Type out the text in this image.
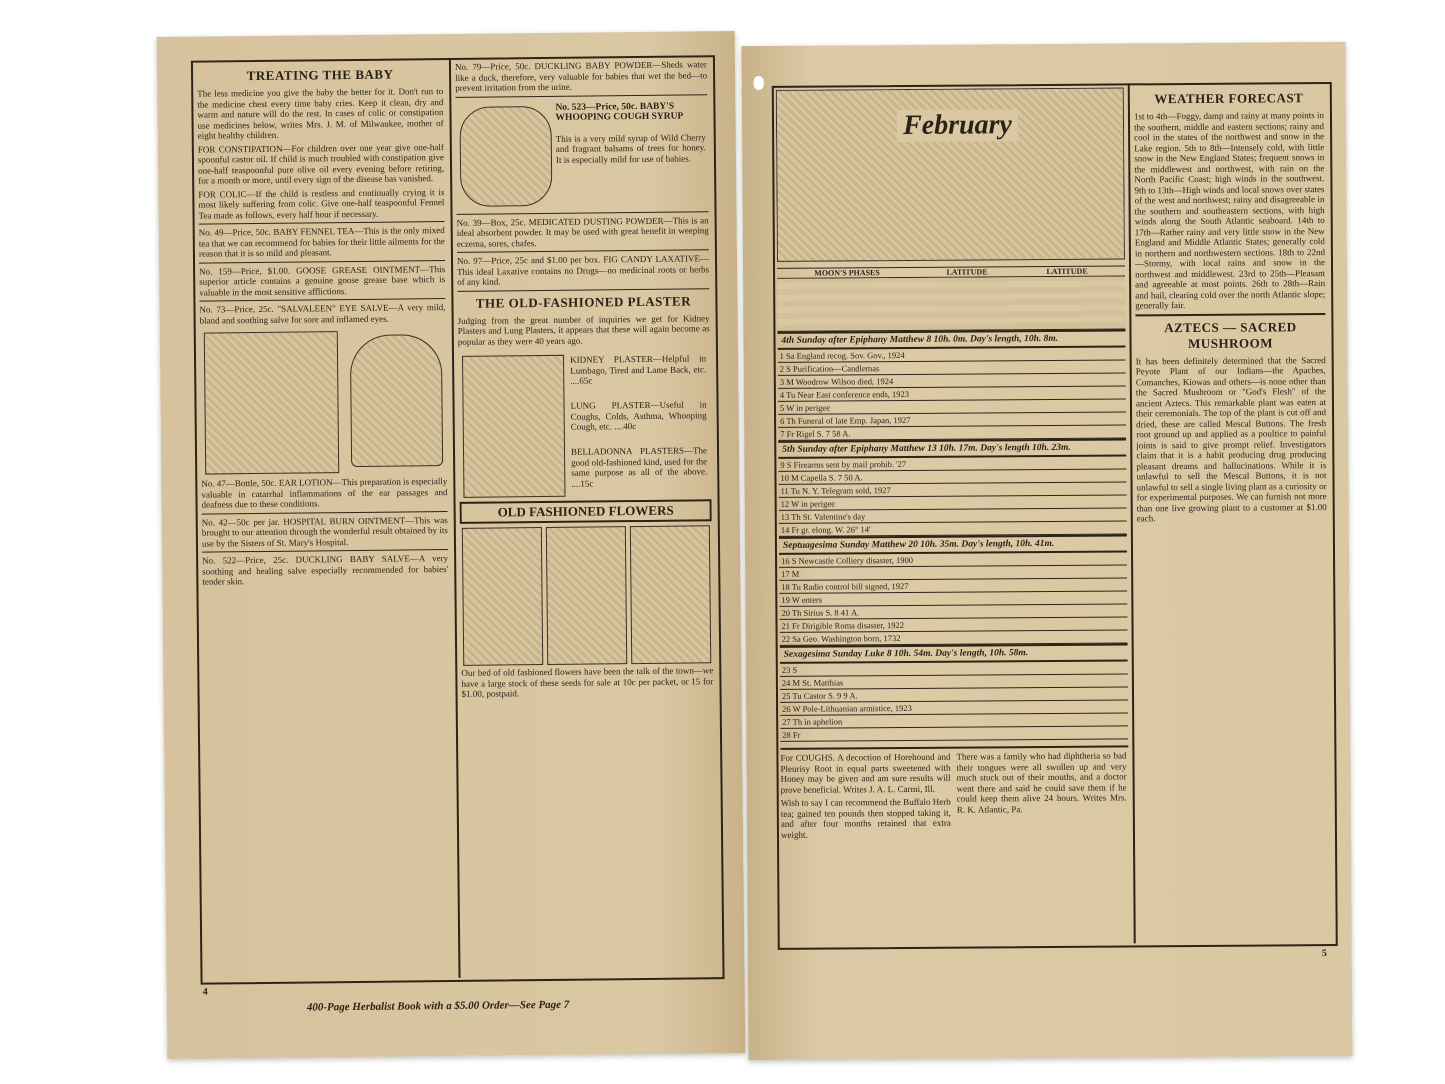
TREATING THE BABY

The less medicine you give the baby the better for it. Don't run to the medicine chest every time baby cries. Keep it clean, dry and warm and nature will do the rest. In cases of colic or constipation use medicines below, writes Mrs. J. M. of Milwaukee, mother of eight healthy children.

FOR CONSTIPATION—For children over one year give one-half spoonful castor oil. If child is much troubled with constipation give one-half teaspoonful pure olive oil every evening before retiring, for a month or more, until every sign of the disease has vanished.

FOR COLIC—If the child is restless and continually crying it is most likely suffering from colic. Give one-half teaspoonful Fennel Tea made as follows, every half hour if necessary.

No. 49—Price, 50c. BABY FENNEL TEA—This is the only mixed tea that we can recommend for babies for their little ailments for the reason that it is so mild and pleasant.

No. 159—Price, $1.00. GOOSE GREASE OINTMENT—This superior article contains a genuine goose grease base which is valuable in the most sensitive afflictions.

No. 73—Price, 25c. "SALVALEEN" EYE SALVE—A very mild, bland and soothing salve for sore and inflamed eyes.

No. 47—Bottle, 50c. EAR LOTION—This preparation is especially valuable in catarrhal inflammations of the ear passages and deafness due to these conditions.

No. 42—50c per jar. HOSPITAL BURN OINTMENT—This was brought to our attention through the wonderful result obtained by its use by the Sisters of St. Mary's Hospital.

No. 522—Price, 25c. DUCKLING BABY SALVE—A very soothing and healing salve especially recommended for babies' tender skin.

No. 79—Price, 50c. DUCKLING BABY POWDER—Sheds water like a duck, therefore, very valuable for babies that wet the bed—to prevent irritation from the urine.

No. 523—Price, 50c. BABY'S WHOOPING COUGH SYRUP

This is a very mild syrup of Wild Cherry and fragrant balsams of trees for honey. It is especially mild for use of babies.

No. 39—Box, 25c. MEDICATED DUSTING POWDER—This is an ideal absorbent powder. It may be used with great benefit in weeping eczema, sores, chafes.

No. 97—Price, 25c and $1.00 per box. FIG CANDY LAXATIVE—This ideal Laxative contains no Drugs—no medicinal roots or herbs of any kind.

THE OLD-FASHIONED PLASTER

Judging from the great number of inquiries we get for Kidney Plasters and Lung Plasters, it appears that these will again become as popular as they were 40 years ago.

KIDNEY PLASTER—Helpful in Lumbago, Tired and Lame Back, etc. ....65c

LUNG PLASTER—Useful in Coughs, Colds, Asthma, Whooping Cough, etc. ....40c

BELLADONNA PLASTERS—The good old-fashioned kind, used for the same purpose as all of the above. ....15c

OLD FASHIONED FLOWERS

Our bed of old fashioned flowers have been the talk of the town—we have a large stock of these seeds for sale at 10c per packet, or 15 for $1.00, postpaid.

4
400-Page Herbalist Book with a $5.00 Order—See Page 7
February
MOON'S PHASES	LATITUDE	LATITUDE
4th Sunday after Epiphany Matthew 8 10h. 0m. Day's length, 10h. 8m.
1 Sa England recog. Sov. Gov., 1924
2 S Purification—Candlemas
3 M Woodrow Wilson died, 1924
4 Tu Near East conference ends, 1923
5 W in perigee
6 Th Funeral of late Emp. Japan, 1927
7 Fr Rigel S. 7 58 A.
5th Sunday after Epiphany Matthew 13 10h. 17m. Day's length 10h. 23m.
9 S Firearms sent by mail prohib. '27
10 M Capella S. 7 50 A.
11 Tu N. Y. Telegram sold, 1927
12 W in perigee
13 Th St. Valentine's day
14 Fr gr. elong. W. 26° 14'
Septuagesima Sunday Matthew 20 10h. 35m. Day's length, 10h. 41m.
16 S Newcastle Colliery disaster, 1900
17 M
18 Tu Radio control bill signed, 1927
19 W enters
20 Th Sirius S. 8 41 A.
21 Fr Dirigible Roma disaster, 1922
22 Sa Geo. Washington born, 1732
Sexagesima Sunday Luke 8 10h. 54m. Day's length, 10h. 58m.
23 S
24 M St. Matthias
25 Tu Castor S. 9 9 A.
26 W Pole-Lithuanian armistice, 1923
27 Th in aphelion
28 Fr

For COUGHS. A decoction of Horehound and Pleurisy Root in equal parts sweetened with Honey may be given and am sure results will prove beneficial. Writes J. A. L. Carmi, Ill.

Wish to say I can recommend the Buffalo Herb tea; gained ten pounds then stopped taking it, and after four months retained that extra weight.

There was a family who had diphtheria so bad their tongues were all swollen up and very much stuck out of their mouths, and a doctor went there and said he could save them if he could keep them alive 24 hours. Writes Mrs. R. K. Atlantic, Pa.

WEATHER FORECAST

1st to 4th—Foggy, damp and rainy at many points in the southern, middle and eastern sections; rainy and cool in the states of the northwest and snow in the Lake region. 5th to 8th—Intensely cold, with little snow in the New England States; frequent snows in the middlewest and northwest, with rain on the North Pacific Coast; high winds in the southwest. 9th to 13th—High winds and local snows over states of the west and northwest; rainy and disagreeable in the southern and southeastern sections, with high winds along the South Atlantic seaboard. 14th to 17th—Rather rainy and very little snow in the New England and Middle Atlantic States; generally cold in northern and northwestern sections. 18th to 22nd—Stormy, with local rains and snow in the northwest and middlewest. 23rd to 25th—Pleasant and agreeable at most points. 26th to 28th—Rain and hail, clearing cold over the north Atlantic slope; generally fair.

AZTECS — SACRED MUSHROOM

It has been definitely determined that the Sacred Peyote Plant of our Indians—the Apaches, Comanches, Kiowas and others—is none other than the Sacred Mushroom or "God's Flesh" of the ancient Aztecs. This remarkable plant was eaten at their ceremonials. The top of the plant is cut off and dried, these are called Mescal Buttons. The fresh root ground up and applied as a poultice to painful joints is said to give prompt relief. Investigators claim that it is a habit producing drug producing pleasant dreams and hallucinations. While it is unlawful to sell the Mescal Buttons, it is not unlawful to sell a single living plant as a curiosity or for experimental purposes. We can furnish not more than one live growing plant to a customer at $1.00 each.

5
